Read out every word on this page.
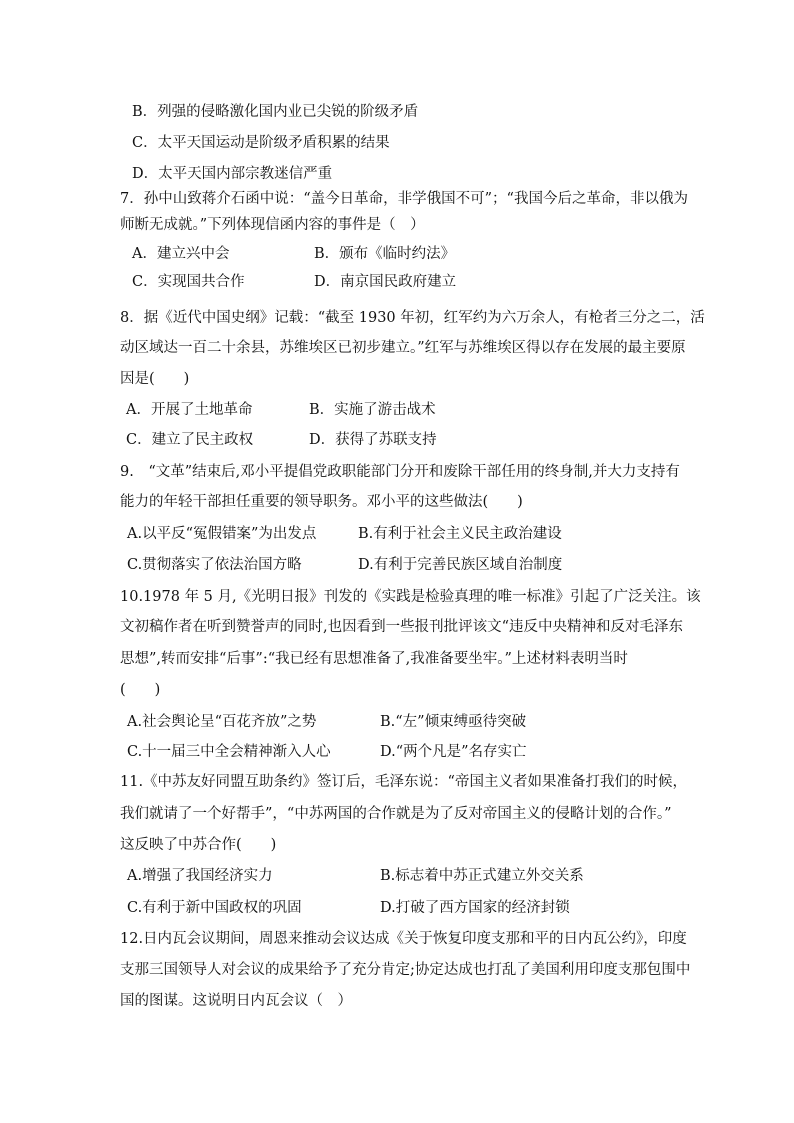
B．列强的侵略激化国内业已尖锐的阶级矛盾
C．太平天国运动是阶级矛盾积累的结果
D．太平天国内部宗教迷信严重
7．孙中山致蒋介石函中说：“盖今日革命，非学俄国不可”；“我国今后之革命，非以俄为
师断无成就。”下列体现信函内容的事件是（　）
A．建立兴中会	B．颁布《临时约法》
C．实现国共合作	D．南京国民政府建立
8．据《近代中国史纲》记载：“截至 1930 年初，红军约为六万余人，有枪者三分之二，活
动区域达一百二十余县，苏维埃区已初步建立。”红军与苏维埃区得以存在发展的最主要原
因是(　　)
A．开展了土地革命	B．实施了游击战术
C．建立了民主政权	D．获得了苏联支持
9.　“文革”结束后,邓小平提倡党政职能部门分开和废除干部任用的终身制,并大力支持有
能力的年轻干部担任重要的领导职务。邓小平的这些做法(　　)
A.以平反“冤假错案”为出发点	B.有利于社会主义民主政治建设
C.贯彻落实了依法治国方略	D.有利于完善民族区域自治制度
10.1978 年 5 月,《光明日报》刊发的《实践是检验真理的唯一标准》引起了广泛关注。该
文初稿作者在听到赞誉声的同时,也因看到一些报刊批评该文“违反中央精神和反对毛泽东
思想”,转而安排“后事”:“我已经有思想准备了,我准备要坐牢。”上述材料表明当时
(　　)
A.社会舆论呈“百花齐放”之势	B.“左”倾束缚亟待突破
C.十一届三中全会精神渐入人心	D.“两个凡是”名存实亡
11.《中苏友好同盟互助条约》签订后，毛泽东说：“帝国主义者如果准备打我们的时候，
我们就请了一个好帮手”，“中苏两国的合作就是为了反对帝国主义的侵略计划的合作。”
这反映了中苏合作(　　)
A.增强了我国经济实力	B.标志着中苏正式建立外交关系
C.有利于新中国政权的巩固	D.打破了西方国家的经济封锁
12.日内瓦会议期间，周恩来推动会议达成《关于恢复印度支那和平的日内瓦公约》，印度
支那三国领导人对会议的成果给予了充分肯定;协定达成也打乱了美国利用印度支那包围中
国的图谋。这说明日内瓦会议（　）
